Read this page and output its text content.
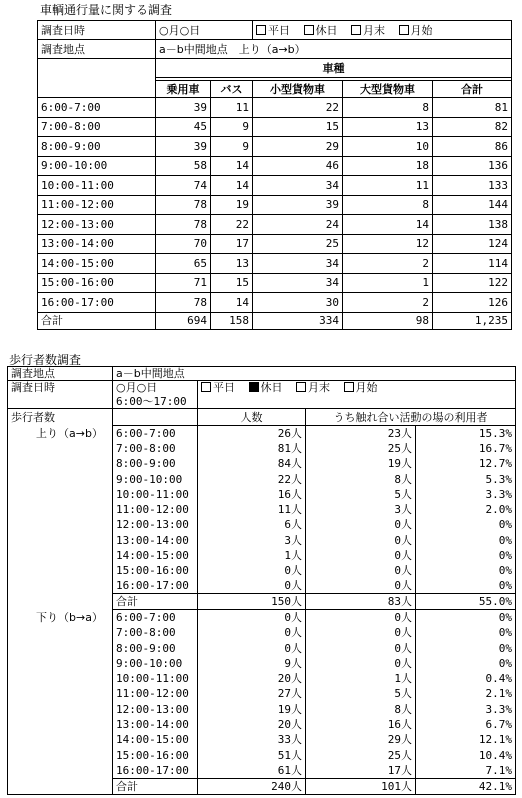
車輌通行量に関する調査
調査日時	○月○日		平日 休日 月末 月始		
調査地点	a－b中間地点　上り（a→b）				
	車種				

	乗用車	バス	小型貨物車	大型貨物車	合計
6:00-7:00	39	11	22	8	81
7:00-8:00	45	9	15	13	82
8:00-9:00	39	9	29	10	86
9:00-10:00	58	14	46	18	136
10:00-11:00	74	14	34	11	133
11:00-12:00	78	19	39	8	144
12:00-13:00	78	22	24	14	138
13:00-14:00	70	17	25	12	124
14:00-15:00	65	13	34	2	114
15:00-16:00	71	15	34	1	122
16:00-17:00	78	14	30	2	126
合計	694	158	334	98	1,235
歩行者数調査
調査地点	a－b中間地点			
調査日時	○月○日	平日 休日 月末 月始		
	6:00～17:00			
歩行者数		人数	うち触れ合い活動の場の利用者	
上り（a→b）	6:00-7:00	26人	23人	15.3%
	7:00-8:00	81人	25人	16.7%
	8:00-9:00	84人	19人	12.7%
	9:00-10:00	22人	8人	5.3%
	10:00-11:00	16人	5人	3.3%
	11:00-12:00	11人	3人	2.0%
	12:00-13:00	6人	0人	0%
	13:00-14:00	3人	0人	0%
	14:00-15:00	1人	0人	0%
	15:00-16:00	0人	0人	0%
	16:00-17:00	0人	0人	0%
	合計	150人	83人	55.0%
下り（b→a）	6:00-7:00	0人	0人	0%
	7:00-8:00	0人	0人	0%
	8:00-9:00	0人	0人	0%
	9:00-10:00	9人	0人	0%
	10:00-11:00	20人	1人	0.4%
	11:00-12:00	27人	5人	2.1%
	12:00-13:00	19人	8人	3.3%
	13:00-14:00	20人	16人	6.7%
	14:00-15:00	33人	29人	12.1%
	15:00-16:00	51人	25人	10.4%
	16:00-17:00	61人	17人	7.1%
	合計	240人	101人	42.1%
